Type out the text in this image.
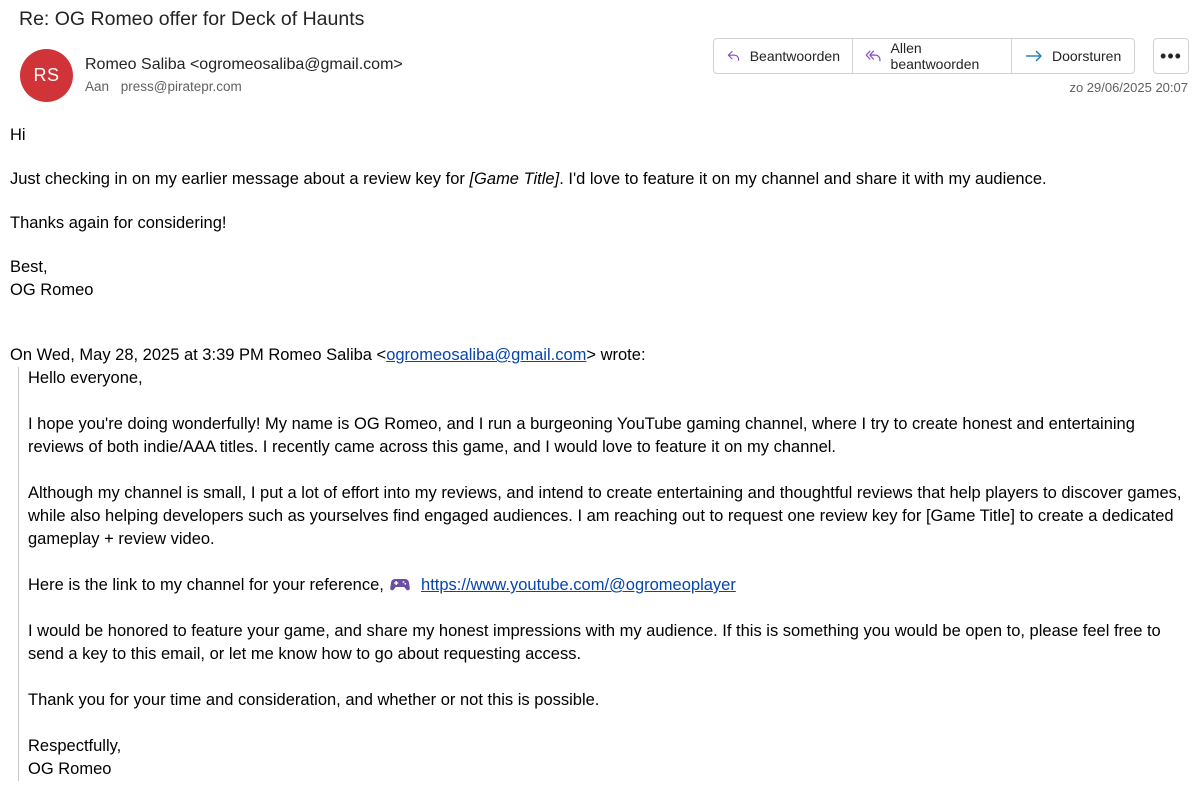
Re: OG Romeo offer for Deck of Haunts
RS
Romeo Saliba <ogromeosaliba@gmail.com>
Aan press@piratepr.com
Beantwoorden	Allen beantwoorden	Doorsturen •••
zo 29/06/2025 20:07

Hi

Just checking in on my earlier message about a review key for [Game Title]. I'd love to feature it on my channel and share it with my audience.

Thanks again for considering!

Best,

OG Romeo

On Wed, May 28, 2025 at 3:39 PM Romeo Saliba <ogromeosaliba@gmail.com> wrote:

Hello everyone,

I hope you're doing wonderfully! My name is OG Romeo, and I run a burgeoning YouTube gaming channel, where I try to create honest and entertaining reviews of both indie/AAA titles. I recently came across this game, and I would love to feature it on my channel.

Although my channel is small, I put a lot of effort into my reviews, and intend to create entertaining and thoughtful reviews that help players to discover games, while also helping developers such as yourselves find engaged audiences. I am reaching out to request one review key for [Game Title] to create a dedicated gameplay + review video.

Here is the link to my channel for your reference, https://www.youtube.com/@ogromeoplayer

I would be honored to feature your game, and share my honest impressions with my audience. If this is something you would be open to, please feel free to send a key to this email, or let me know how to go about requesting access.

Thank you for your time and consideration, and whether or not this is possible.

Respectfully,

OG Romeo
